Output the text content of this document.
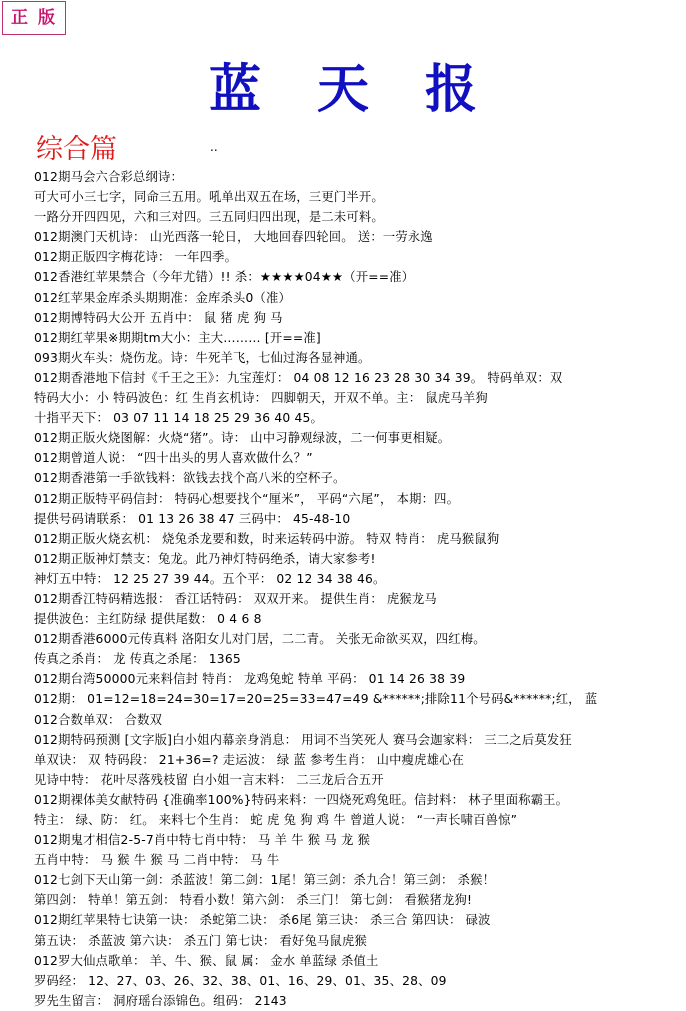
正 版
蓝天报
综合篇	..
012期马会六合彩总纲诗：
可大可小三七字，同命三五用。吼单出双五在场，三更门半开。
一路分开四四见，六和三对四。三五同归四出现，是二未可料。
012期澳门天机诗： 山光西落一轮日， 大地回春四轮回。 送：一劳永逸
012期正版四字梅花诗： 一年四季。
012香港红苹果禁合（今年尤错）!! 杀：★★★★04★★（开==准）
012红苹果金库杀头期期准：金库杀头0（准）
012期博特码大公开 五肖中： 鼠 猪 虎 狗 马
012期红苹果※期期tm大小：主大……… [开==准]
093期火车头：烧伤龙。诗：牛死羊飞，七仙过海各显神通。
012期香港地下信封《千王之王》：九宝莲灯： 04 08 12 16 23 28 30 34 39。 特码单双：双
特码大小：小 特码波色：红 生肖玄机诗： 四脚朝天，开双不单。主： 鼠虎马羊狗
十指平天下： 03 07 11 14 18 25 29 36 40 45。
012期正版火烧图解：火烧“猪”。诗： 山中习静观绿波，二一何事更相疑。
012期曾道人说： “四十出头的男人喜欢做什么？”
012期香港第一手欲钱料：欲钱去找个高八米的空杯子。
012期正版特平码信封： 特码心想要找个“厘米”， 平码“六尾”， 本期：四。
提供号码请联系： 01 13 26 38 47 三码中： 45-48-10
012期正版火烧玄机： 烧兔杀龙要和数，时来运转码中游。 特双 特肖： 虎马猴鼠狗
012期正版神灯禁支：兔龙。此乃神灯特码绝杀，请大家参考!
神灯五中特： 12 25 27 39 44。五个平： 02 12 34 38 46。
012期香江特码精选报： 香江话特码： 双双开来。 提供生肖： 虎猴龙马
提供波色：主红防绿 提供尾数： 0 4 6 8
012期香港6000元传真料 洛阳女儿对门居，二二青。 关张无命欲买双，四红梅。
传真之杀肖： 龙 传真之杀尾： 1365
012期台湾50000元来料信封 特肖： 龙鸡兔蛇 特单 平码： 01 14 26 38 39
012期： 01=12=18=24=30=17=20=25=33=47=49 &******;排除11个号码&******;红， 蓝
012合数单双： 合数双
012期特码预测 [文字版]白小姐内幕亲身消息： 用词不当笑死人 赛马会迦家料： 三二之后莫发狂
单双诀： 双 特码段： 21+36=? 走运波： 绿 蓝 参考生肖： 山中瘦虎雄心在
见诗中特： 花叶尽落残枝留 白小姐一言末料： 二三龙后合五开
012期裸体美女献特码 {准确率100%}特码来料：一四烧死鸡兔旺。信封料： 林子里面称霸王。
特主： 绿、防： 红。 来料七个生肖： 蛇 虎 兔 狗 鸡 牛 曾道人说： “一声长啸百兽惊”
012期鬼才相信2-5-7肖中特七肖中特： 马 羊 牛 猴 马 龙 猴
五肖中特： 马 猴 牛 猴 马 二肖中特： 马 牛
012七剑下天山第一剑：杀蓝波！第二剑：1尾！第三剑：杀九合！第三剑： 杀猴！
第四剑： 特单！第五剑： 特看小数！第六剑： 杀三门！ 第七剑： 看猴猪龙狗!
012期红苹果特七诀第一诀： 杀蛇第二诀： 杀6尾 第三诀： 杀三合 第四诀： 碌波
第五诀： 杀蓝波 第六诀： 杀五门 第七诀： 看好兔马鼠虎猴
012罗大仙点歌单： 羊、牛、猴、鼠 属： 金水 单蓝绿 杀值土
罗码经： 12、27、03、26、32、38、01、16、29、01、35、28、09
罗先生留言： 洞府瑶台添锦色。组码： 2143
